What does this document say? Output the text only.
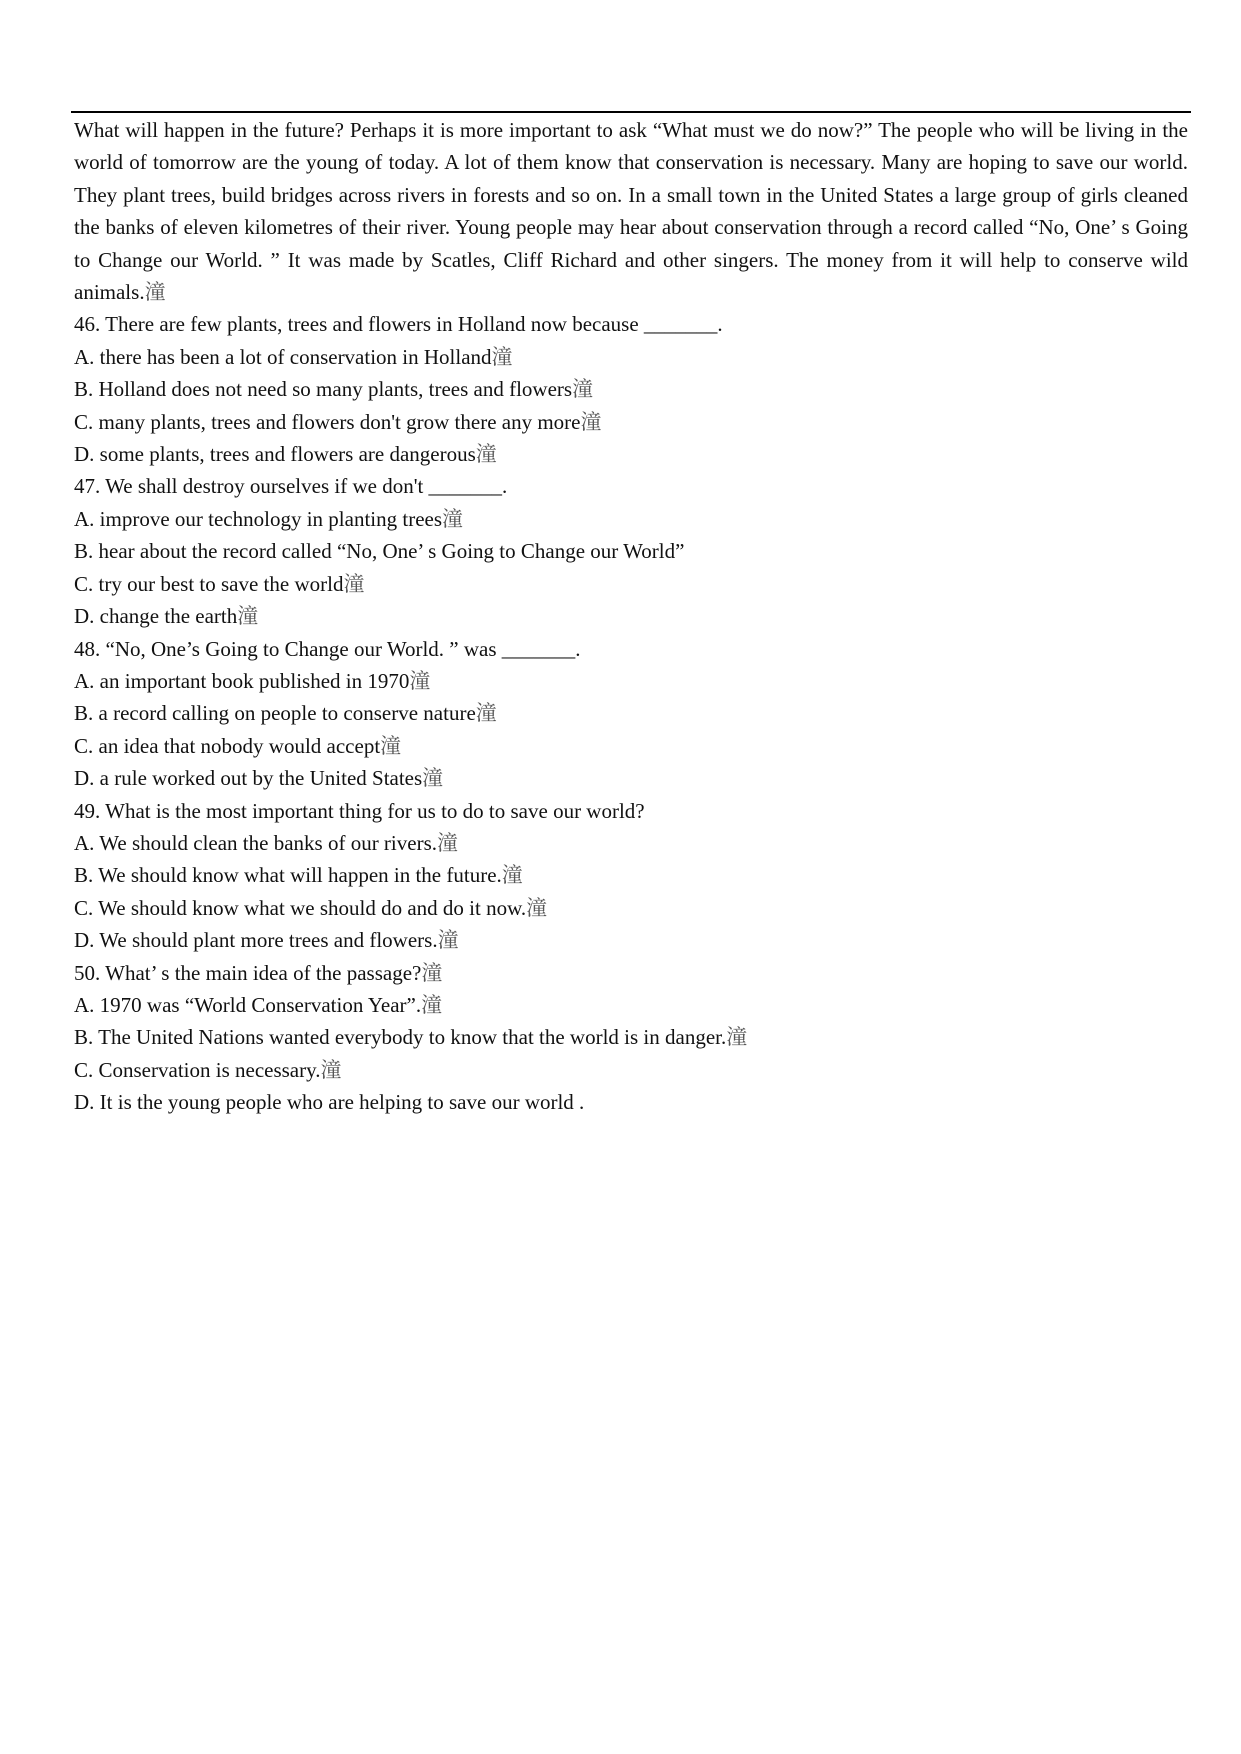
What will happen in the future? Perhaps it is more important to ask “What must we do now?” The people who will be living in the world of tomorrow are the young of today. A lot of them know that conservation is necessary. Many are hoping to save our world. They plant trees, build bridges across rivers in forests and so on. In a small town in the United States a large group of girls cleaned the banks of eleven kilometres of their river. Young people may hear about conservation through a record called “No, One’ s Going to Change our World. ” It was made by Scatles, Cliff Richard and other singers. The money from it will help to conserve wild animals.潼

46. There are few plants, trees and flowers in Holland now because _______.
A. there has been a lot of conservation in Holland潼
B. Holland does not need so many plants, trees and flowers潼
C. many plants, trees and flowers don't grow there any more潼
D. some plants, trees and flowers are dangerous潼
47. We shall destroy ourselves if we don't _______.
A. improve our technology in planting trees潼
B. hear about the record called “No, One’ s Going to Change our World”
C. try our best to save the world潼
D. change the earth潼
48. “No, One’s Going to Change our World. ” was _______.
A. an important book published in 1970潼
B. a record calling on people to conserve nature潼
C. an idea that nobody would accept潼
D. a rule worked out by the United States潼
49. What is the most important thing for us to do to save our world?
A. We should clean the banks of our rivers.潼
B. We should know what will happen in the future.潼
C. We should know what we should do and do it now.潼
D. We should plant more trees and flowers.潼
50. What’ s the main idea of the passage?潼
A. 1970 was “World Conservation Year”.潼
B. The United Nations wanted everybody to know that the world is in danger.潼
C. Conservation is necessary.潼
D. It is the young people who are helping to save our world .
